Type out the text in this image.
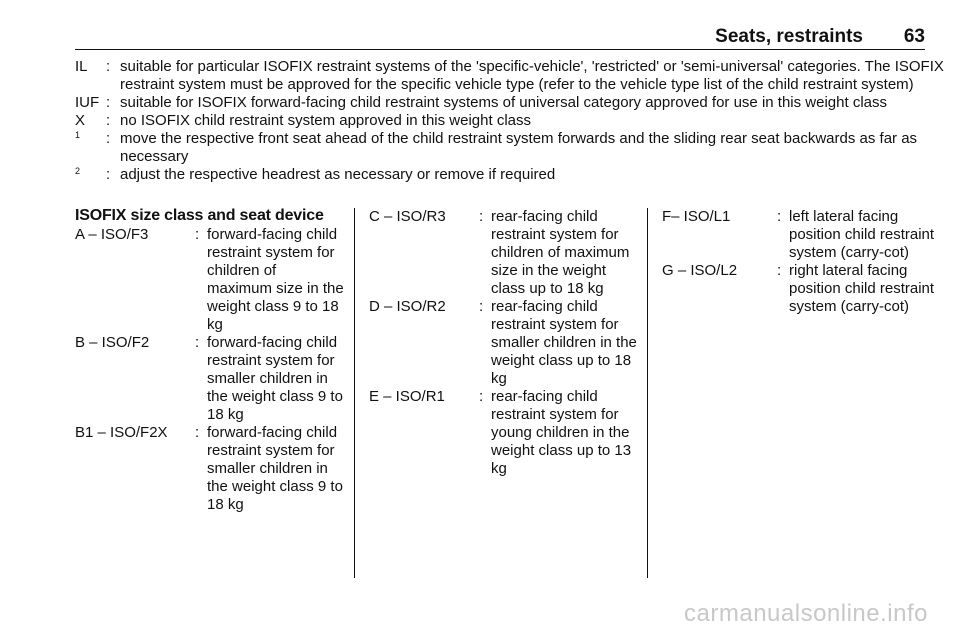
Seats, restraints 63
IL	: suitable for particular ISOFIX restraint systems of the 'specific-vehicle', 'restricted' or 'semi-universal' categories. The ISOFIX restraint system must be approved for the specific vehicle type (refer to the vehicle type list of the child restraint system)
IUF : suitable for ISOFIX forward-facing child restraint systems of universal category approved for use in this weight class
X	: no ISOFIX child restraint system approved in this weight class
$^1$	: move the respective front seat ahead of the child restraint system forwards and the sliding rear seat backwards as far as necessary
$^2$	: adjust the respective headrest as necessary or remove if required
ISOFIX size class and seat device
A – ISO/F3	: forward-facing child restraint system for children of maximum size in the weight class 9 to 18 kg
B – ISO/F2	: forward-facing child restraint system for smaller children in the weight class 9 to 18 kg
B1 – ISO/F2X	: forward-facing child restraint system for smaller children in the weight class 9 to 18 kg
C – ISO/R3	: rear-facing child restraint system for children of maximum size in the weight class up to 18 kg
D – ISO/R2	: rear-facing child restraint system for smaller children in the weight class up to 18 kg
E – ISO/R1	: rear-facing child restraint system for young children in the weight class up to 13 kg
F– ISO/L1	: left lateral facing position child restraint system (carry-cot)
G – ISO/L2	: right lateral facing position child restraint system (carry-cot)
carmanualsonline.info
